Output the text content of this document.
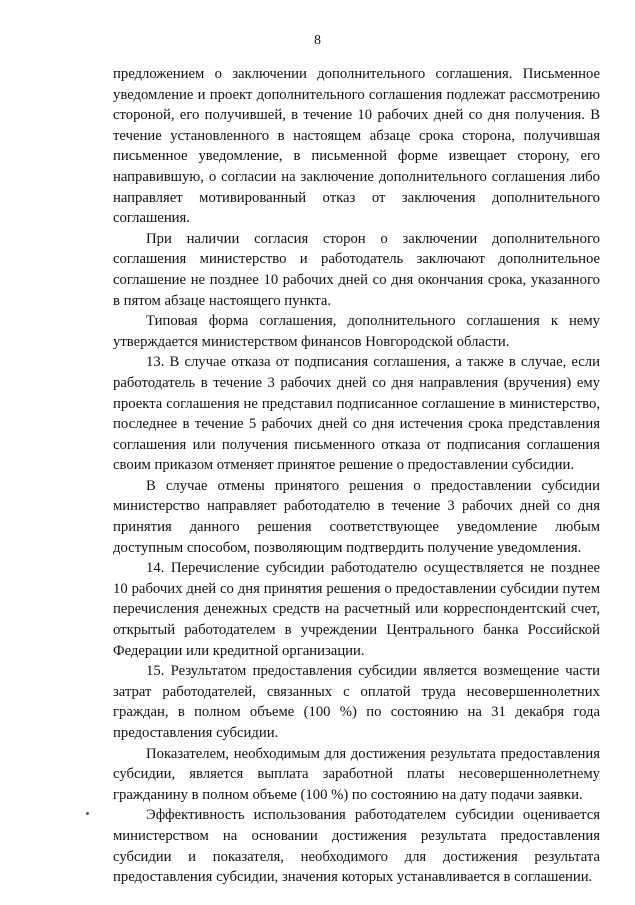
8

предложением о заключении дополнительного соглашения. Письменное уведомление и проект дополнительного соглашения подлежат рассмотрению стороной, его получившей, в течение 10 рабочих дней со дня получения. В течение установленного в настоящем абзаце срока сторона, получившая письменное уведомление, в письменной форме извещает сторону, его направившую, о согласии на заключение дополнительного соглашения либо направляет мотивированный отказ от заключения дополнительного соглашения.

При наличии согласия сторон о заключении дополнительного соглашения министерство и работодатель заключают дополнительное соглашение не позднее 10 рабочих дней со дня окончания срока, указанного в пятом абзаце настоящего пункта.

Типовая форма соглашения, дополнительного соглашения к нему утверждается министерством финансов Новгородской области.

13. В случае отказа от подписания соглашения, а также в случае, если работодатель в течение 3 рабочих дней со дня направления (вручения) ему проекта соглашения не представил подписанное соглашение в министерство, последнее в течение 5 рабочих дней со дня истечения срока представления соглашения или получения письменного отказа от подписания соглашения своим приказом отменяет принятое решение о предоставлении субсидии.

В случае отмены принятого решения о предоставлении субсидии министерство направляет работодателю в течение 3 рабочих дней со дня принятия данного решения соответствующее уведомление любым доступным способом, позволяющим подтвердить получение уведомления.

14. Перечисление субсидии работодателю осуществляется не позднее 10 рабочих дней со дня принятия решения о предоставлении субсидии путем перечисления денежных средств на расчетный или корреспондентский счет, открытый работодателем в учреждении Центрального банка Российской Федерации или кредитной организации.

15. Результатом предоставления субсидии является возмещение части затрат работодателей, связанных с оплатой труда несовершеннолетних граждан, в полном объеме (100 %) по состоянию на 31 декабря года предоставления субсидии.

Показателем, необходимым для достижения результата предоставления субсидии, является выплата заработной платы несовершеннолетнему гражданину в полном объеме (100 %) по состоянию на дату подачи заявки.

Эффективность использования работодателем субсидии оценивается министерством на основании достижения результата предоставления субсидии и показателя, необходимого для достижения результата предоставления субсидии, значения которых устанавливается в соглашении.
